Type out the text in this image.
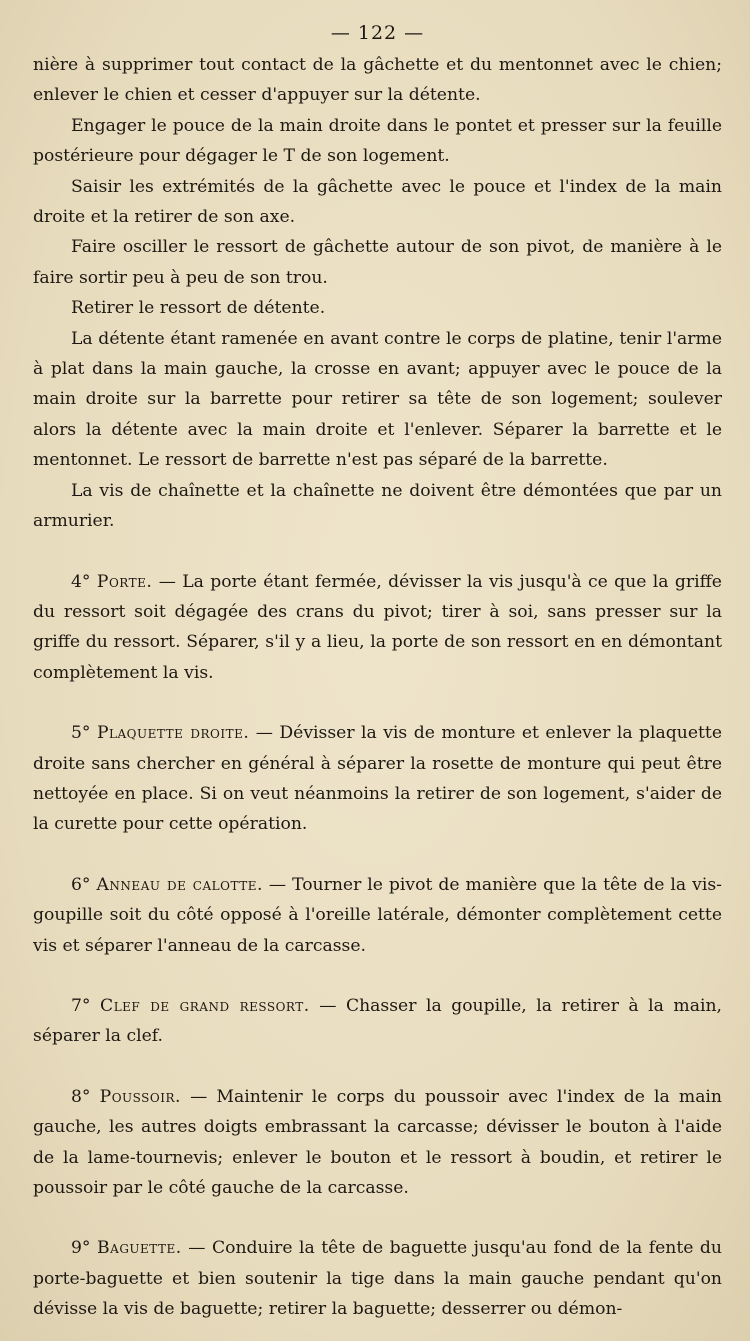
— 122 —

nière à supprimer tout contact de la gâchette et du mentonnet avec le chien; enlever le chien et cesser d'appuyer sur la détente.

Engager le pouce de la main droite dans le pontet et presser sur la feuille postérieure pour dégager le T de son logement.

Saisir les extrémités de la gâchette avec le pouce et l'index de la main droite et la retirer de son axe.

Faire osciller le ressort de gâchette autour de son pivot, de manière à le faire sortir peu à peu de son trou.

Retirer le ressort de détente.

La détente étant ramenée en avant contre le corps de platine, tenir l'arme à plat dans la main gauche, la crosse en avant; appuyer avec le pouce de la main droite sur la barrette pour retirer sa tête de son logement; soulever alors la détente avec la main droite et l'enlever. Séparer la barrette et le mentonnet. Le ressort de barrette n'est pas séparé de la barrette.

La vis de chaînette et la chaînette ne doivent être démontées que par un armurier.

4° Porte. — La porte étant fermée, dévisser la vis jusqu'à ce que la griffe du ressort soit dégagée des crans du pivot; tirer à soi, sans presser sur la griffe du ressort. Séparer, s'il y a lieu, la porte de son ressort en en démontant complètement la vis.

5° Plaquette droite. — Dévisser la vis de monture et enlever la plaquette droite sans chercher en général à séparer la rosette de monture qui peut être nettoyée en place. Si on veut néanmoins la retirer de son logement, s'aider de la curette pour cette opération.

6° Anneau de calotte. — Tourner le pivot de manière que la tête de la vis-goupille soit du côté opposé à l'oreille latérale, démonter complètement cette vis et séparer l'anneau de la carcasse.

7° Clef de grand ressort. — Chasser la goupille, la retirer à la main, séparer la clef.

8° Poussoir. — Maintenir le corps du poussoir avec l'index de la main gauche, les autres doigts embrassant la carcasse; dévisser le bouton à l'aide de la lame-tournevis; enlever le bouton et le ressort à boudin, et retirer le poussoir par le côté gauche de la carcasse.

9° Baguette. — Conduire la tête de baguette jusqu'au fond de la fente du porte-baguette et bien soutenir la tige dans la main gauche pendant qu'on dévisse la vis de baguette; retirer la baguette; desserrer ou démon-
